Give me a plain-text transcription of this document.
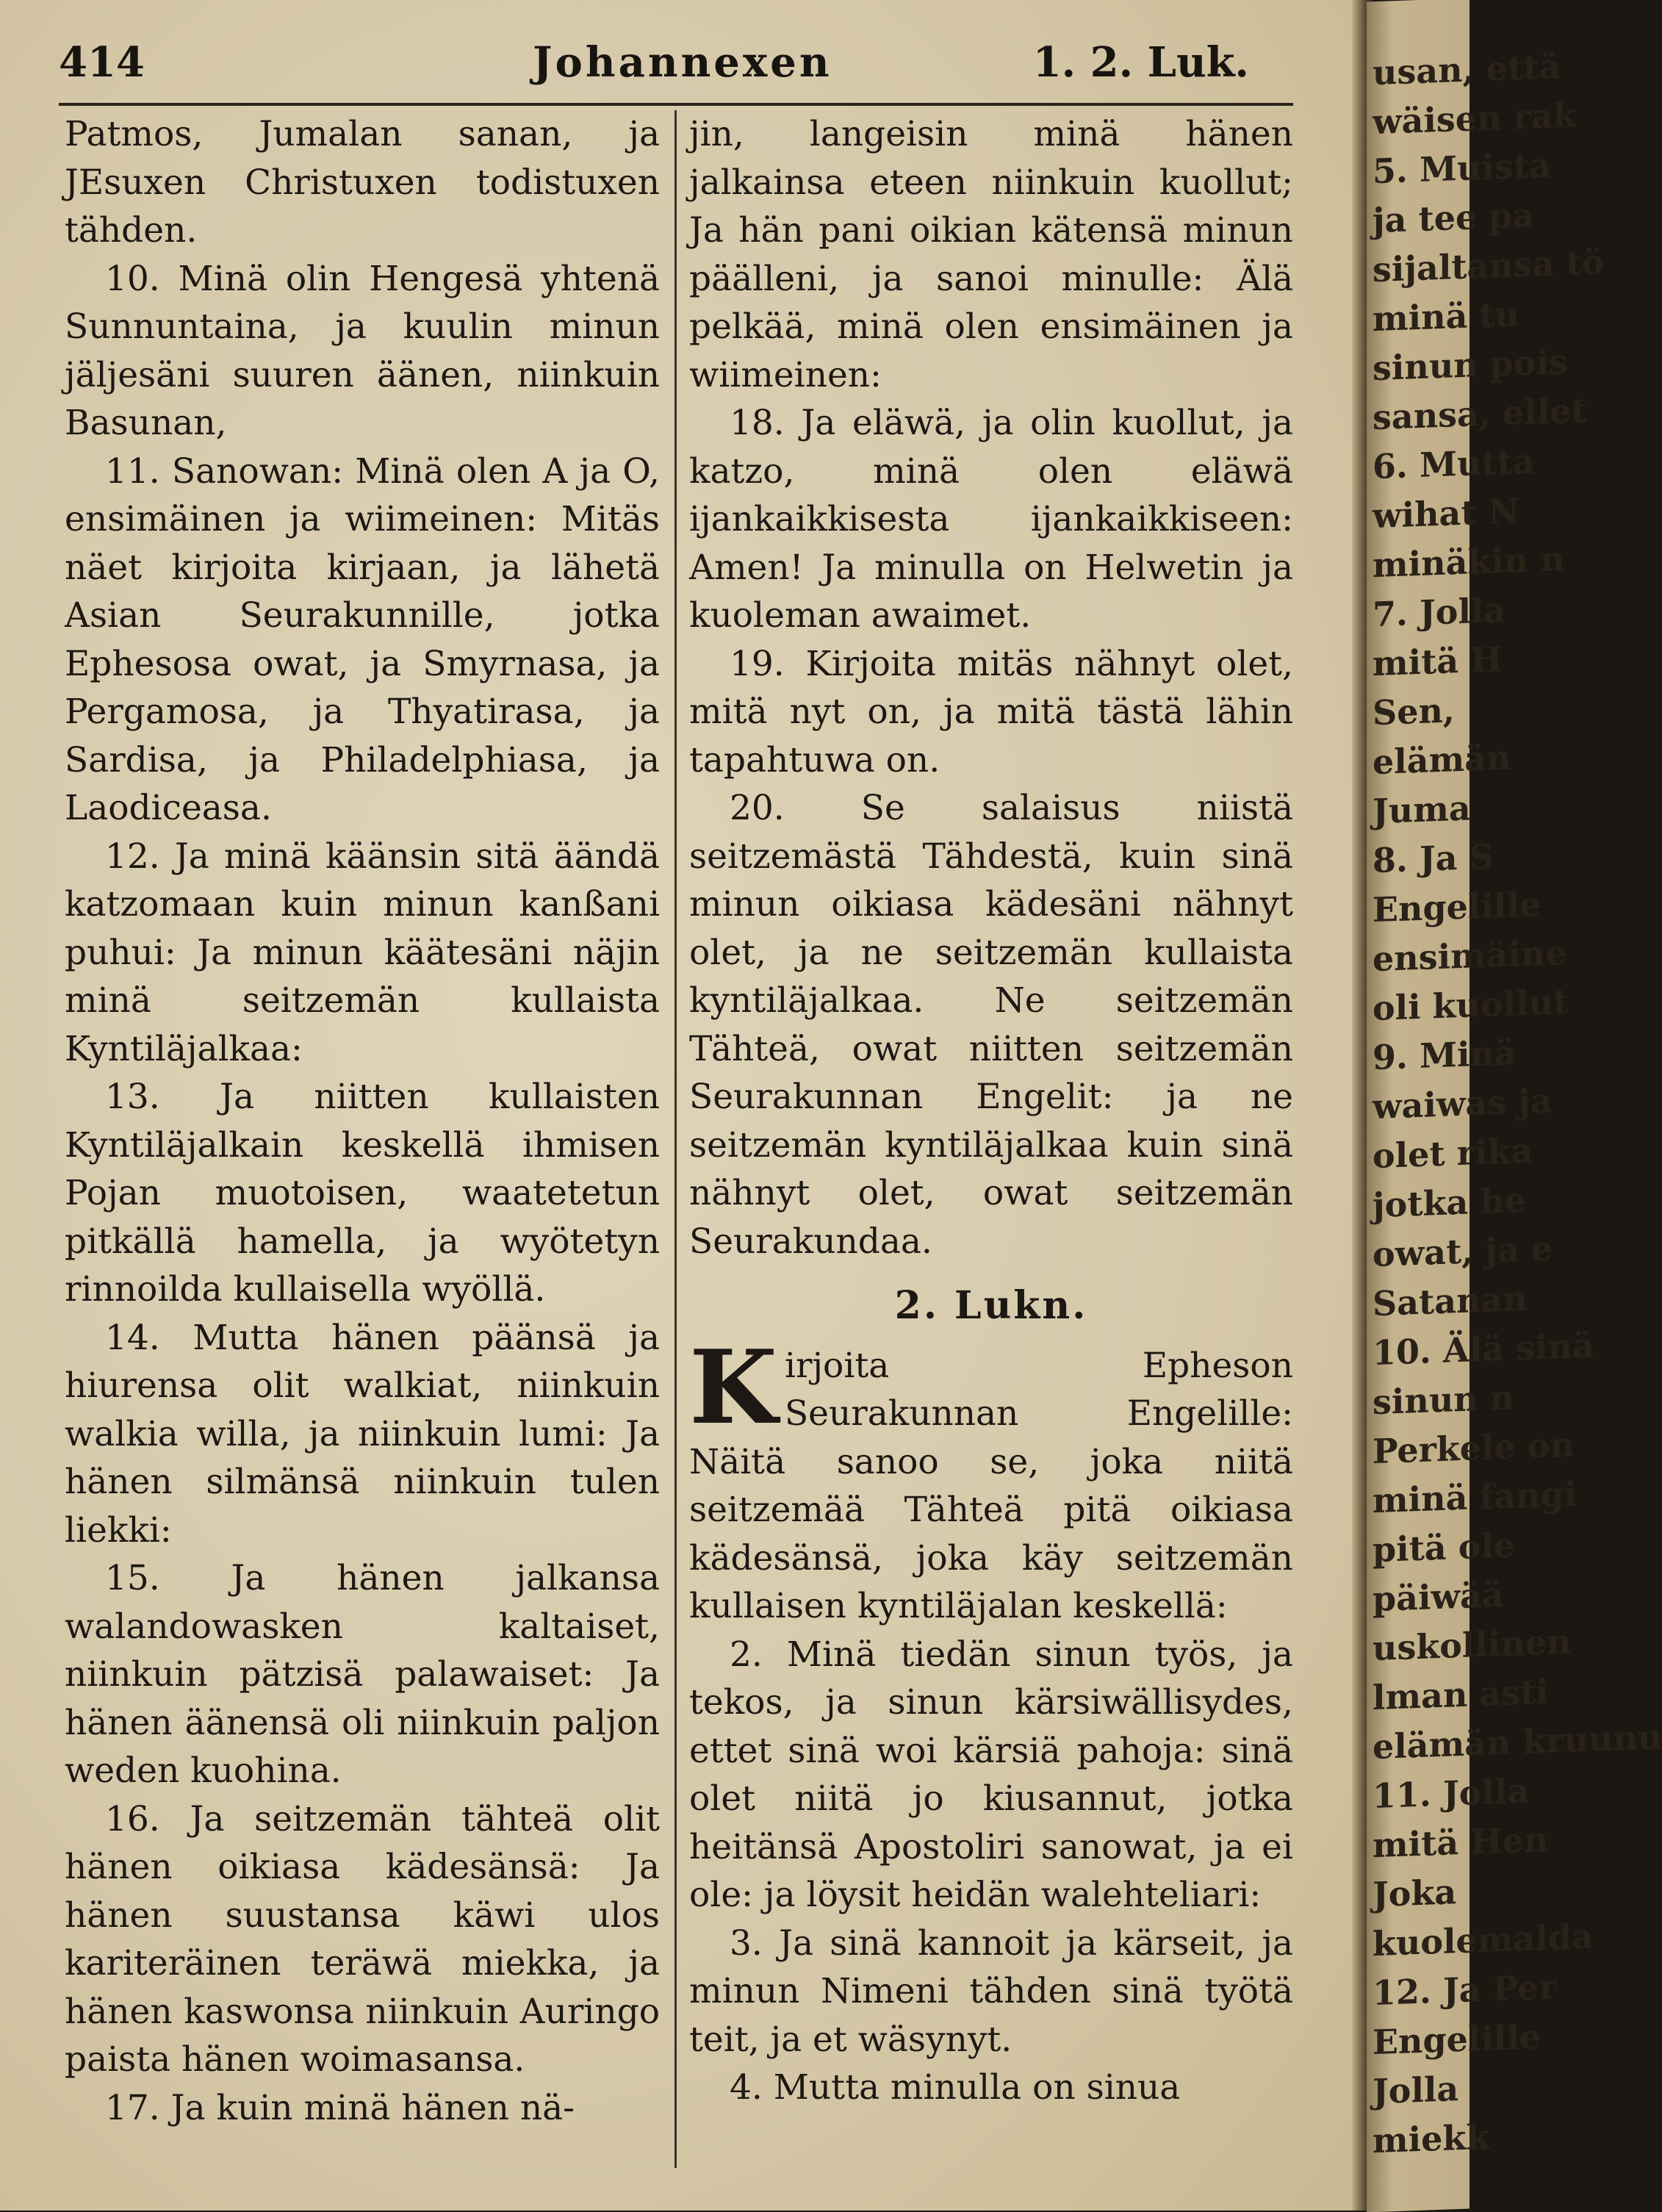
414	Johannexen	1. 2. Luk.

Patmos, Jumalan sanan, ja JEsuxen Christuxen todistuxen tähden.

10. Minä olin Hengesä yhtenä Sunnuntaina, ja kuulin minun jäljesäni suuren äänen, niinkuin Basunan,

11. Sanowan: Minä olen A ja O, ensimäinen ja wiimeinen: Mitäs näet kirjoita kirjaan, ja lähetä Asian Seurakunnille, jotka Ephesosa owat, ja Smyrnasa, ja Pergamosa, ja Thyatirasa, ja Sardisa, ja Philadelphiasa, ja Laodiceasa.

12. Ja minä käänsin sitä äändä katzomaan kuin minun kanßani puhui: Ja minun käätesäni näjin minä seitzemän kullaista Kyntiläjalkaa:

13. Ja niitten kullaisten Kyntiläjalkain keskellä ihmisen Pojan muotoisen, waatetetun pitkällä hamella, ja wyötetyn rinnoilda kullaisella wyöllä.

14. Mutta hänen päänsä ja hiurensa olit walkiat, niinkuin walkia willa, ja niinkuin lumi: Ja hänen silmänsä niinkuin tulen liekki:

15. Ja hänen jalkansa walandowasken kaltaiset, niinkuin pätzisä palawaiset: Ja hänen äänensä oli niinkuin paljon weden kuohina.

16. Ja seitzemän tähteä olit hänen oikiasa kädesänsä: Ja hänen suustansa käwi ulos kariteräinen teräwä miekka, ja hänen kaswonsa niinkuin Auringo paista hänen woimasansa.

17. Ja kuin minä hänen nä-

jin, langeisin minä hänen jalkainsa eteen niinkuin kuollut; Ja hän pani oikian kätensä minun päälleni, ja sanoi minulle: Älä pelkää, minä olen ensimäinen ja wiimeinen:

18. Ja eläwä, ja olin kuollut, ja katzo, minä olen eläwä ijankaikkisesta ijankaikkiseen: Amen! Ja minulla on Helwetin ja kuoleman awaimet.

19. Kirjoita mitäs nähnyt olet, mitä nyt on, ja mitä tästä lähin tapahtuwa on.

20. Se salaisus niistä seitzemästä Tähdestä, kuin sinä minun oikiasa kädesäni nähnyt olet, ja ne seitzemän kullaista kyntiläjalkaa. Ne seitzemän Tähteä, owat niitten seitzemän Seurakunnan Engelit: ja ne seitzemän kyntiläjalkaa kuin sinä nähnyt olet, owat seitzemän Seurakundaa.

2. Lukn.

Kirjoita Epheson Seurakunnan Engelille: Näitä sanoo se, joka niitä seitzemää Tähteä pitä oikiasa kädesänsä, joka käy seitzemän kullaisen kyntiläjalan keskellä:

2. Minä tiedän sinun työs, ja tekos, ja sinun kärsiwällisydes, ettet sinä woi kärsiä pahoja: sinä olet niitä jo kiusannut, jotka heitänsä Apostoliri sanowat, ja ei ole: ja löysit heidän walehteliari:

3. Ja sinä kannoit ja kärseit, ja minun Nimeni tähden sinä työtä teit, ja et wäsynyt.

4. Mutta minulla on sinua

usan, että
wäisen rak
5. Muista
ja tee pa
sijaltansa tö
minä tu
sinun pois
sansa, ellet
6. Mutta
wihat N
minäkin n
7. Jolla
mitä H
Sen,
elämän
Juma
8. Ja S
Engelille
ensimäine
oli kuollut
9. Minä
waiwas ja
olet rika
jotka he
owat, ja e
Satanan
10. Älä sinä
sinun n
Perkele on
minä fangi
pitä ole
päiwää
uskollinen
lman asti
elämän kruunu
11. Jolla
mitä Hen
Joka
kuolemalda
12. Ja Per
Engelille
Jolla
miekk
